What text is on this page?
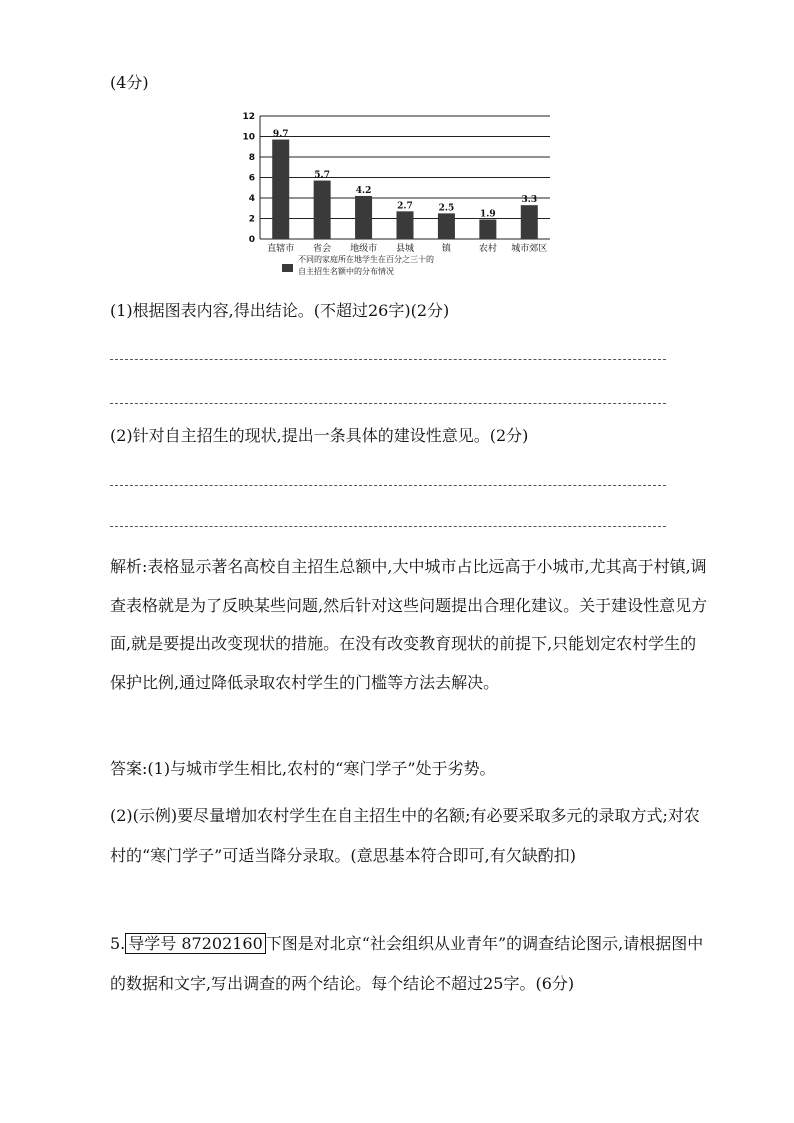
(4分)
0
2
4
6
8
10
12
9.7
5.7
4.2
2.7	2.5
1.9
3.3
直辖市 省会 地级市 县城	镇	农村 城市郊区
不同的家庭所在地学生在百分之三十的
自主招生名额中的分布情况
(1)根据图表内容,得出结论。(不超过26字)(2分)
(2)针对自主招生的现状,提出一条具体的建设性意见。(2分)
解析:表格显示著名高校自主招生总额中,大中城市占比远高于小城市,尤其高于村镇,调查表格就是为了反映某些问题,然后针对这些问题提出合理化建议。关于建设性意见方面,就是要提出改变现状的措施。在没有改变教育现状的前提下,只能划定农村学生的保护比例,通过降低录取农村学生的门槛等方法去解决。
答案:(1)与城市学生相比,农村的“寒门学子”处于劣势。
(2)(示例)要尽量增加农村学生在自主招生中的名额;有必要采取多元的录取方式;对农村的“寒门学子”可适当降分录取。(意思基本符合即可,有欠缺酌扣)
5. 导学号 87202160 下图是对北京“社会组织从业青年”的调查结论图示,请根据图中的数据和文字,写出调查的两个结论。每个结论不超过25字。(6分)
